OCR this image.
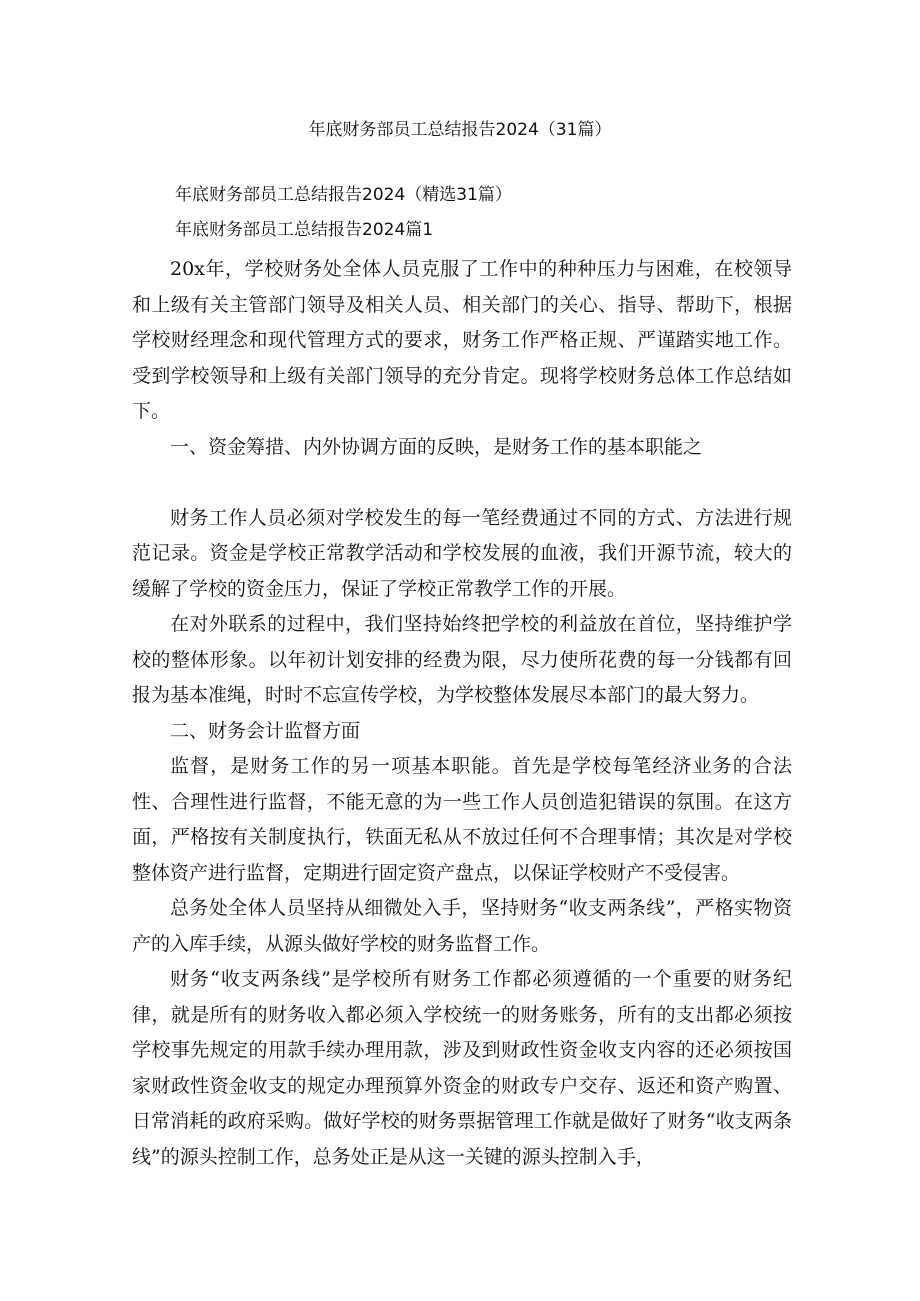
年底财务部员工总结报告2024（31篇）
年底财务部员工总结报告2024（精选31篇）
年底财务部员工总结报告2024篇1

20x年，学校财务处全体人员克服了工作中的种种压力与困难，在校领导和上级有关主管部门领导及相关人员、相关部门的关心、指导、帮助下，根据学校财经理念和现代管理方式的要求，财务工作严格正规、严谨踏实地工作。受到学校领导和上级有关部门领导的充分肯定。现将学校财务总体工作总结如下。

一、资金筹措、内外协调方面的反映，是财务工作的基本职能之

财务工作人员必须对学校发生的每一笔经费通过不同的方式、方法进行规范记录。资金是学校正常教学活动和学校发展的血液，我们开源节流，较大的缓解了学校的资金压力，保证了学校正常教学工作的开展。

在对外联系的过程中，我们坚持始终把学校的利益放在首位，坚持维护学校的整体形象。以年初计划安排的经费为限，尽力使所花费的每一分钱都有回报为基本准绳，时时不忘宣传学校，为学校整体发展尽本部门的最大努力。

二、财务会计监督方面

监督，是财务工作的另一项基本职能。首先是学校每笔经济业务的合法性、合理性进行监督，不能无意的为一些工作人员创造犯错误的氛围。在这方面，严格按有关制度执行，铁面无私从不放过任何不合理事情；其次是对学校整体资产进行监督，定期进行固定资产盘点，以保证学校财产不受侵害。

总务处全体人员坚持从细微处入手，坚持财务“收支两条线”，严格实物资产的入库手续，从源头做好学校的财务监督工作。

财务“收支两条线”是学校所有财务工作都必须遵循的一个重要的财务纪律，就是所有的财务收入都必须入学校统一的财务账务，所有的支出都必须按学校事先规定的用款手续办理用款，涉及到财政性资金收支内容的还必须按国家财政性资金收支的规定办理预算外资金的财政专户交存、返还和资产购置、日常消耗的政府采购。做好学校的财务票据管理工作就是做好了财务“收支两条线”的源头控制工作，总务处正是从这一关键的源头控制入手，
